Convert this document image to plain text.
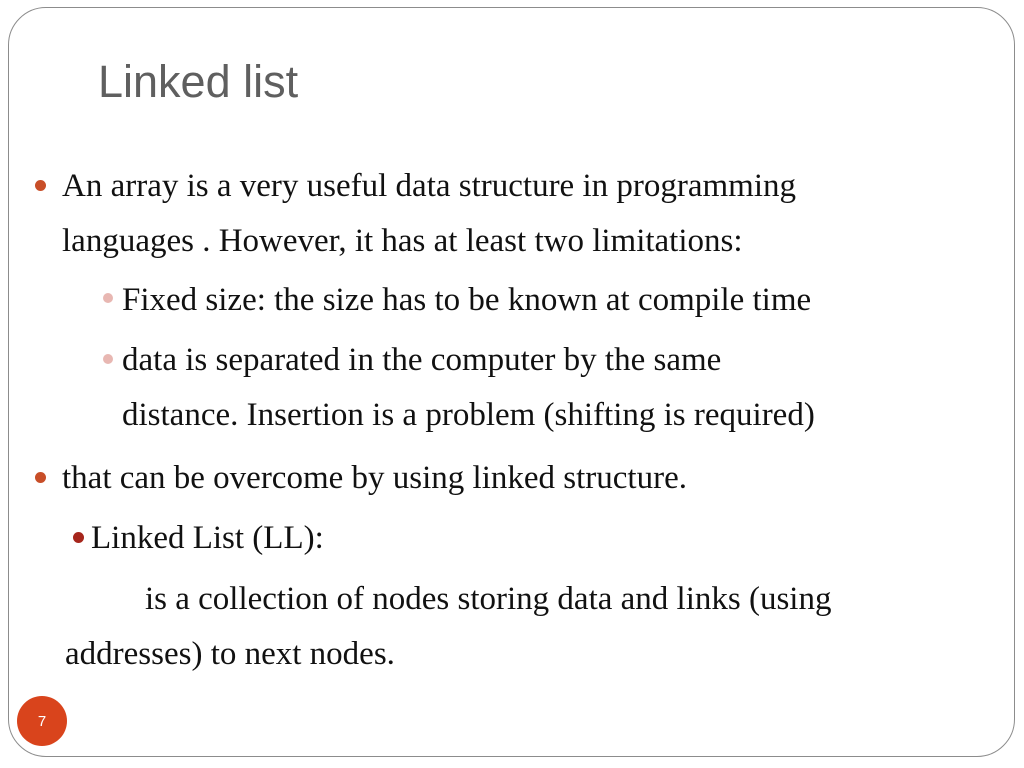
Linked list
An array is a very useful data structure in programming
languages . However, it has at least two limitations:
Fixed size: the size has to be known at compile time
data is separated in the computer by the same
distance. Insertion is a problem (shifting is required)
that can be overcome by using linked structure.
Linked List (LL):
is a collection of nodes storing data and links (using
addresses) to next nodes.
7
